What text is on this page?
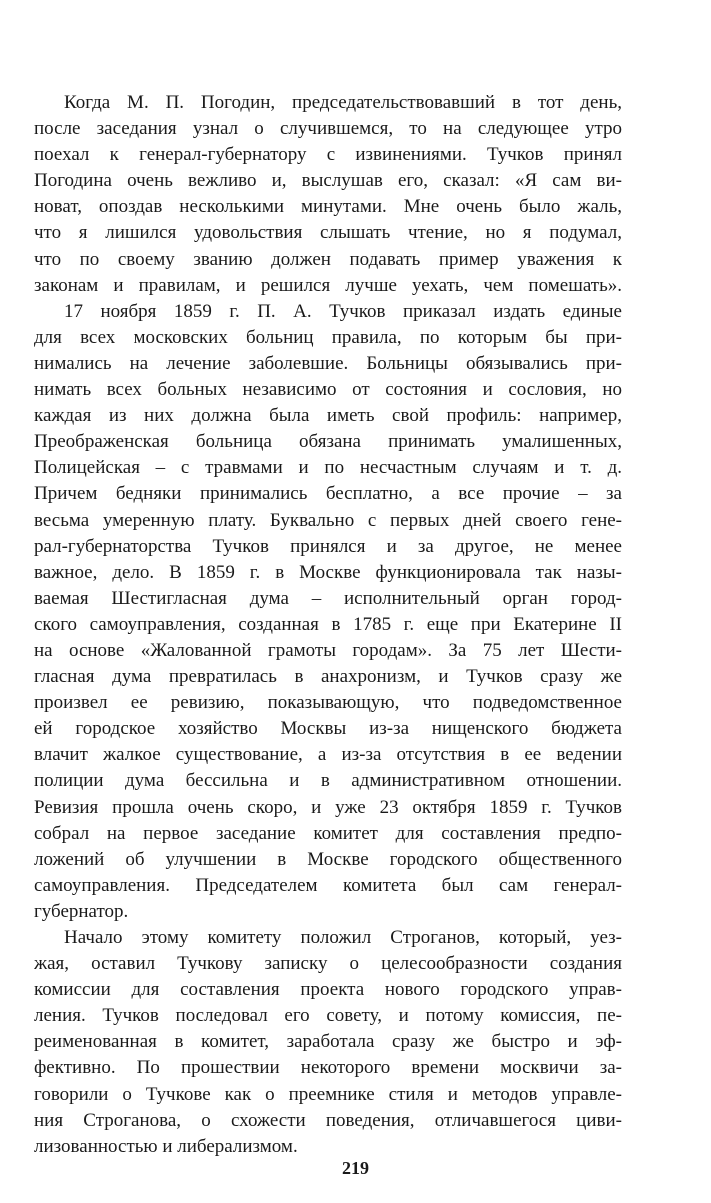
Когда М. П. Погодин, председательствовавший в тот день,
после заседания узнал о случившемся, то на следующее утро
поехал к генерал-губернатору с извинениями. Тучков принял
Погодина очень вежливо и, выслушав его, сказал: «Я сам ви-
новат, опоздав несколькими минутами. Мне очень было жаль,
что я лишился удовольствия слышать чтение, но я подумал,
что по своему званию должен подавать пример уважения к
законам и правилам, и решился лучше уехать, чем помешать».
17 ноября 1859 г. П. А. Тучков приказал издать единые
для всех московских больниц правила, по которым бы при-
нимались на лечение заболевшие. Больницы обязывались при-
нимать всех больных независимо от состояния и сословия, но
каждая из них должна была иметь свой профиль: например,
Преображенская больница обязана принимать умалишенных,
Полицейская – с травмами и по несчастным случаям и т. д.
Причем бедняки принимались бесплатно, а все прочие – за
весьма умеренную плату. Буквально с первых дней своего гене-
рал-губернаторства Тучков принялся и за другое, не менее
важное, дело. В 1859 г. в Москве функционировала так назы-
ваемая Шестигласная дума – исполнительный орган город-
ского самоуправления, созданная в 1785 г. еще при Екатерине II
на основе «Жалованной грамоты городам». За 75 лет Шести-
гласная дума превратилась в анахронизм, и Тучков сразу же
произвел ее ревизию, показывающую, что подведомственное
ей городское хозяйство Москвы из-за нищенского бюджета
влачит жалкое существование, а из-за отсутствия в ее ведении
полиции дума бессильна и в административном отношении.
Ревизия прошла очень скоро, и уже 23 октября 1859 г. Тучков
собрал на первое заседание комитет для составления предпо-
ложений об улучшении в Москве городского общественного
самоуправления. Председателем комитета был сам генерал-
губернатор.
Начало этому комитету положил Строганов, который, уез-
жая, оставил Тучкову записку о целесообразности создания
комиссии для составления проекта нового городского управ-
ления. Тучков последовал его совету, и потому комиссия, пе-
реименованная в комитет, заработала сразу же быстро и эф-
фективно. По прошествии некоторого времени москвичи за-
говорили о Тучкове как о преемнике стиля и методов управле-
ния Строганова, о схожести поведения, отличавшегося циви-
лизованностью и либерализмом.
219
